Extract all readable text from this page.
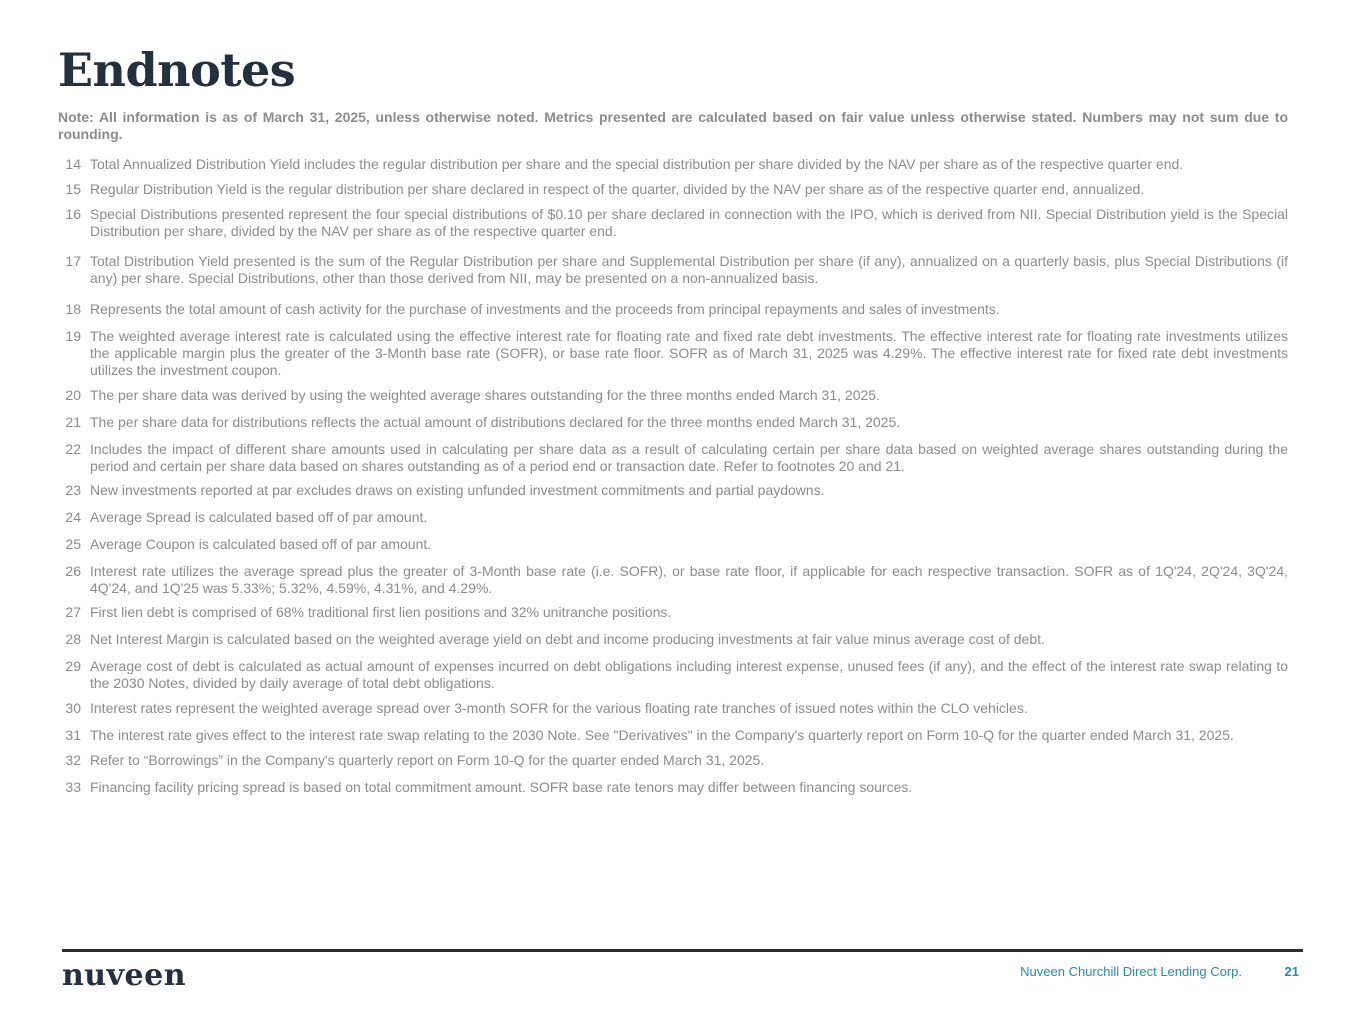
Endnotes

Note: All information is as of March 31, 2025, unless otherwise noted. Metrics presented are calculated based on fair value unless otherwise stated. Numbers may not sum due to rounding.

14 Total Annualized Distribution Yield includes the regular distribution per share and the special distribution per share divided by the NAV per share as of the respective quarter end.
15 Regular Distribution Yield is the regular distribution per share declared in respect of the quarter, divided by the NAV per share as of the respective quarter end, annualized.
16 Special Distributions presented represent the four special distributions of $0.10 per share declared in connection with the IPO, which is derived from NII. Special Distribution yield is the Special Distribution per share, divided by the NAV per share as of the respective quarter end.
17 Total Distribution Yield presented is the sum of the Regular Distribution per share and Supplemental Distribution per share (if any), annualized on a quarterly basis, plus Special Distributions (if any) per share. Special Distributions, other than those derived from NII, may be presented on a non-annualized basis.
18 Represents the total amount of cash activity for the purchase of investments and the proceeds from principal repayments and sales of investments.
19 The weighted average interest rate is calculated using the effective interest rate for floating rate and fixed rate debt investments. The effective interest rate for floating rate investments utilizes the applicable margin plus the greater of the 3-Month base rate (SOFR), or base rate floor. SOFR as of March 31, 2025 was 4.29%. The effective interest rate for fixed rate debt investments utilizes the investment coupon.
20 The per share data was derived by using the weighted average shares outstanding for the three months ended March 31, 2025.
21 The per share data for distributions reflects the actual amount of distributions declared for the three months ended March 31, 2025.
22 Includes the impact of different share amounts used in calculating per share data as a result of calculating certain per share data based on weighted average shares outstanding during the period and certain per share data based on shares outstanding as of a period end or transaction date. Refer to footnotes 20 and 21.
23 New investments reported at par excludes draws on existing unfunded investment commitments and partial paydowns.
24 Average Spread is calculated based off of par amount.
25 Average Coupon is calculated based off of par amount.
26 Interest rate utilizes the average spread plus the greater of 3-Month base rate (i.e. SOFR), or base rate floor, if applicable for each respective transaction. SOFR as of 1Q'24, 2Q'24, 3Q'24, 4Q'24, and 1Q'25 was 5.33%; 5.32%, 4.59%, 4.31%, and 4.29%.
27 First lien debt is comprised of 68% traditional first lien positions and 32% unitranche positions.
28 Net Interest Margin is calculated based on the weighted average yield on debt and income producing investments at fair value minus average cost of debt.
29 Average cost of debt is calculated as actual amount of expenses incurred on debt obligations including interest expense, unused fees (if any), and the effect of the interest rate swap relating to the 2030 Notes, divided by daily average of total debt obligations.
30 Interest rates represent the weighted average spread over 3-month SOFR for the various floating rate tranches of issued notes within the CLO vehicles.
31 The interest rate gives effect to the interest rate swap relating to the 2030 Note. See "Derivatives" in the Company's quarterly report on Form 10-Q for the quarter ended March 31, 2025.
32 Refer to “Borrowings” in the Company's quarterly report on Form 10-Q for the quarter ended March 31, 2025.
33 Financing facility pricing spread is based on total commitment amount. SOFR base rate tenors may differ between financing sources.
nuveen	Nuveen Churchill Direct Lending Corp.	21
